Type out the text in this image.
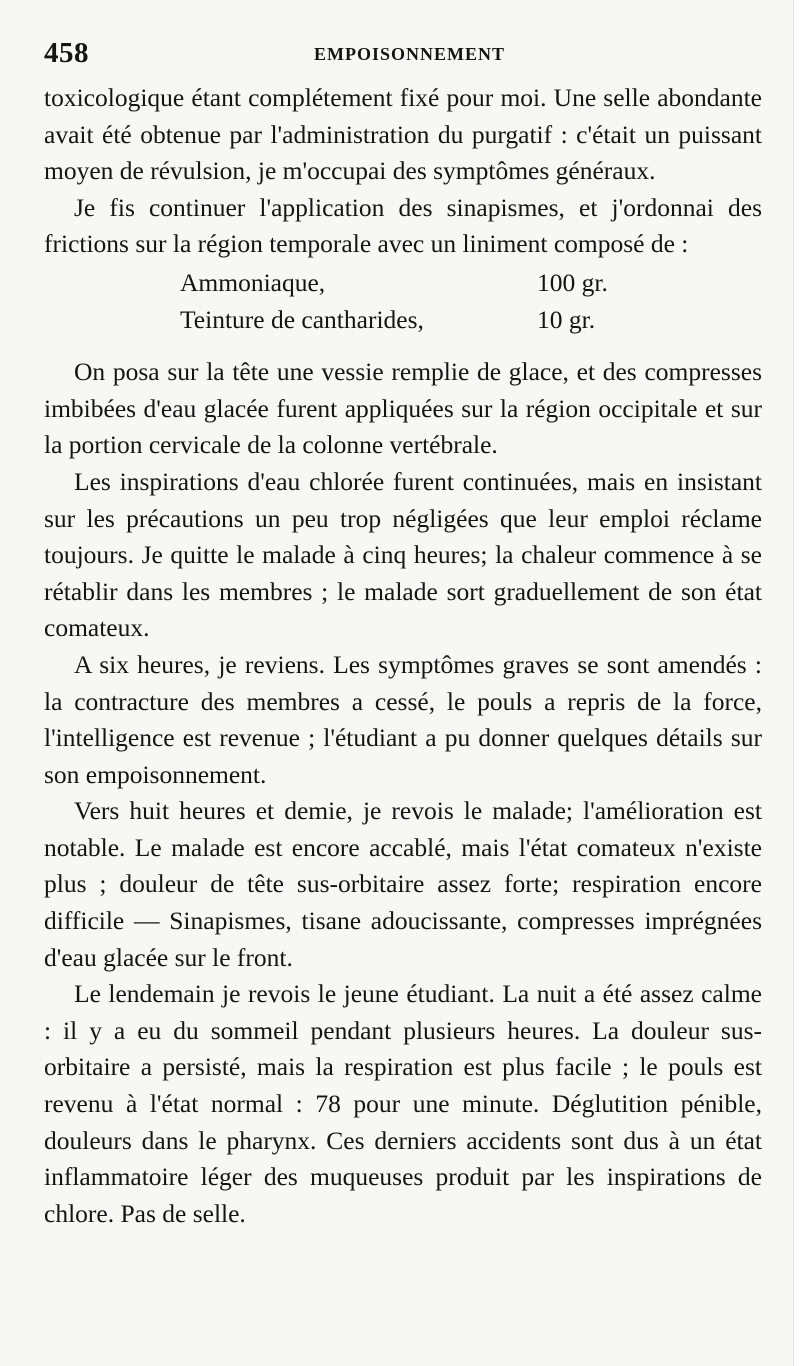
458	EMPOISONNEMENT

toxicologique étant complétement fixé pour moi. Une selle abondante avait été obtenue par l'administration du purgatif : c'était un puissant moyen de révulsion, je m'occupai des symptômes généraux.

Je fis continuer l'application des sinapismes, et j'ordonnai des frictions sur la région temporale avec un liniment composé de :

Ammoniaque,	100 gr.
Teinture de cantharides,	10 gr.

On posa sur la tête une vessie remplie de glace, et des compresses imbibées d'eau glacée furent appliquées sur la région occipitale et sur la portion cervicale de la colonne vertébrale.

Les inspirations d'eau chlorée furent continuées, mais en insistant sur les précautions un peu trop négligées que leur emploi réclame toujours. Je quitte le malade à cinq heures; la chaleur commence à se rétablir dans les membres ; le malade sort graduellement de son état comateux.

A six heures, je reviens. Les symptômes graves se sont amendés : la contracture des membres a cessé, le pouls a repris de la force, l'intelligence est revenue ; l'étudiant a pu donner quelques détails sur son empoisonnement.

Vers huit heures et demie, je revois le malade; l'amélioration est notable. Le malade est encore accablé, mais l'état comateux n'existe plus ; douleur de tête sus-orbitaire assez forte; respiration encore difficile — Sinapismes, tisane adoucissante, compresses imprégnées d'eau glacée sur le front.

Le lendemain je revois le jeune étudiant. La nuit a été assez calme : il y a eu du sommeil pendant plusieurs heures. La douleur sus-orbitaire a persisté, mais la respiration est plus facile ; le pouls est revenu à l'état normal : 78 pour une minute. Déglutition pénible, douleurs dans le pharynx. Ces derniers accidents sont dus à un état inflammatoire léger des muqueuses produit par les inspirations de chlore. Pas de selle.
